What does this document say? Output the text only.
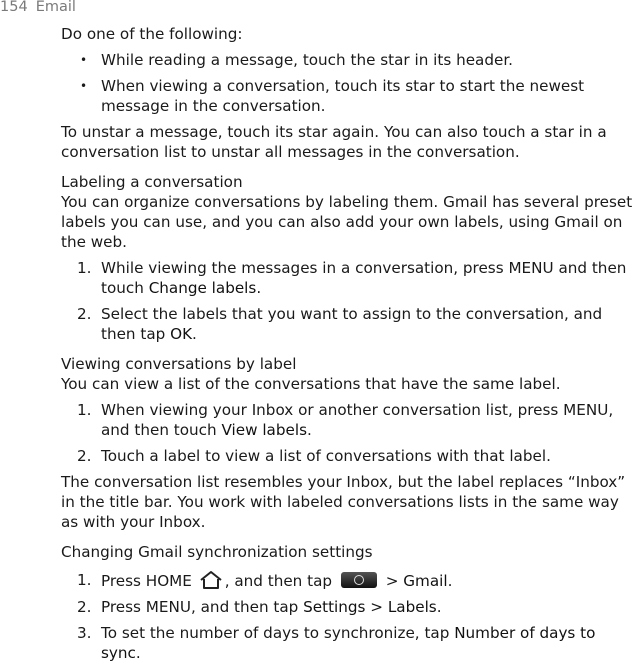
154 Email

Do one of the following:

• While reading a message, touch the star in its header.
• When viewing a conversation, touch its star to start the newest message in the conversation.

To unstar a message, touch its star again. You can also touch a star in a conversation list to unstar all messages in the conversation.

Labeling a conversation

You can organize conversations by labeling them. Gmail has several preset labels you can use, and you can also add your own labels, using Gmail on the web.

1. While viewing the messages in a conversation, press MENU and then touch Change labels.
2. Select the labels that you want to assign to the conversation, and then tap OK.

Viewing conversations by label

You can view a list of the conversations that have the same label.

1. When viewing your Inbox or another conversation list, press MENU, and then touch View labels.
2. Touch a label to view a list of conversations with that label.

The conversation list resembles your Inbox, but the label replaces “Inbox” in the title bar. You work with labeled conversations lists in the same way as with your Inbox.

Changing Gmail synchronization settings

1. Press HOME , and then tap	> Gmail.
2. Press MENU, and then tap Settings > Labels.
3. To set the number of days to synchronize, tap Number of days to sync.
